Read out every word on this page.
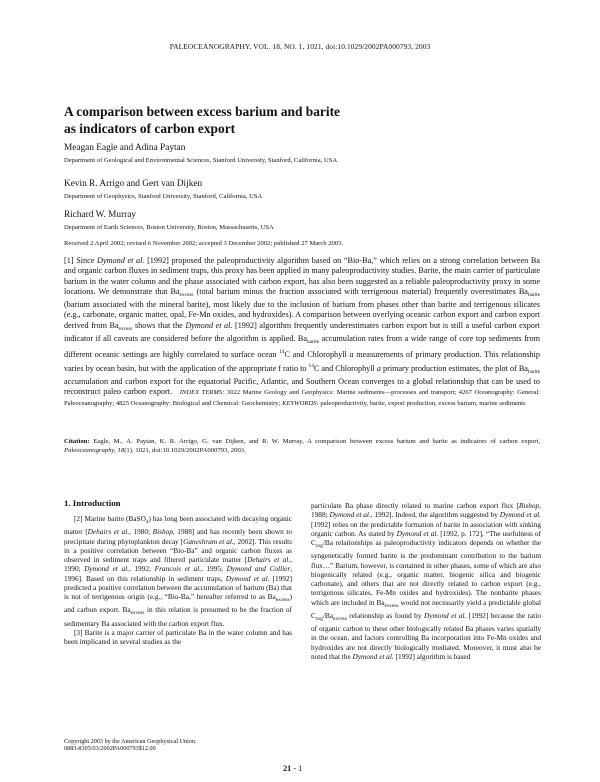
PALEOCEANOGRAPHY, VOL. 18, NO. 1, 1021, doi:10.1029/2002PA000793, 2003
A comparison between excess barium and barite
as indicators of carbon export
Meagan Eagle and Adina Paytan
Department of Geological and Environmental Sciences, Stanford University, Stanford, California, USA
Kevin R. Arrigo and Gert van Dijken
Department of Geophysics, Stanford University, Stanford, California, USA
Richard W. Murray
Department of Earth Sciences, Boston University, Boston, Massachusetts, USA
Received 2 April 2002; revised 6 November 2002; accepted 3 December 2002; published 27 March 2003.

[1] Since Dymond et al. [1992] proposed the paleoproductivity algorithm based on “Bio-Ba,” which relies on a strong correlation between Ba and organic carbon fluxes in sediment traps, this proxy has been applied in many paleoproductivity studies. Barite, the main carrier of particulate barium in the water column and the phase associated with carbon export, has also been suggested as a reliable paleoproductivity proxy in some locations. We demonstrate that $Ba_{excess}$ (total barium minus the fraction associated with terrigenous material) frequently overestimates $Ba_{barite}$ (barium associated with the mineral barite), most likely due to the inclusion of barium from phases other than barite and terrigenous silicates (e.g., carbonate, organic matter, opal, Fe-Mn oxides, and hydroxides). A comparison between overlying oceanic carbon export and carbon export derived from $Ba_{excess}$ shows that the Dymond et al. [1992] algorithm frequently underestimates carbon export but is still a useful carbon export indicator if all caveats are considered before the algorithm is applied. $Ba_{barite}$ accumulation rates from a wide range of core top sediments from different oceanic settings are highly correlated to surface ocean $^{14}$C and Chlorophyll a measurements of primary production. This relationship varies by ocean basin, but with the application of the appropriate f ratio to $^{14}$C and Chlorophyll a primary production estimates, the plot of $Ba_{barite}$ accumulation and carbon export for the equatorial Pacific, Atlantic, and Southern Ocean converges to a global relationship that can be used to reconstruct paleo carbon export. INDEX TERMS: 3022 Marine Geology and Geophysics: Marine sediments—processes and transport; 4267 Oceanography: General: Paleoceanography; 4825 Oceanography: Biological and Chemical: Geochemistry; KEYWORDS: paleoproductivity, barite, export production, excess barium, marine sediments

Citation: Eagle, M., A. Paytan, K. R. Arrigo, G. van Dijken, and R. W. Murray, A comparison between excess barium and barite as indicators of carbon export, Paleoceanography, 18(1), 1021, doi:10.1029/2002PA000793, 2003.
1. Introduction

[2] Marine barite (BaSO$_4$) has long been associated with decaying organic matter [Dehairs et al., 1980; Bishop, 1988] and has recently been shown to precipitate during phytoplankton decay [Ganeshram et al., 2002]. This results in a positive correlation between “Bio-Ba” and organic carbon fluxes as observed in sediment traps and filtered particulate matter [Dehairs et al., 1990; Dymond et al., 1992; Francois et al., 1995; Dymond and Collier, 1996]. Based on this relationship in sediment traps, Dymond et al. [1992] predicted a positive correlation between the accumulation of barium (Ba) that is not of terrigenous origin (e.g., “Bio-Ba,” hereafter referred to as $Ba_{excess}$) and carbon export. $Ba_{excess}$ in this relation is presumed to be the fraction of sedimentary Ba associated with the carbon export flux.

[3] Barite is a major carrier of particulate Ba in the water column and has been implicated in several studies as the

particulate Ba phase directly related to marine carbon export flux [Bishop, 1988; Dymond et al., 1992]. Indeed, the algorithm suggested by Dymond et al. [1992] relies on the predictable formation of barite in association with sinking organic carbon. As stated by Dymond et al. [1992, p. 172], “The usefulness of $C_{org}/Ba$ relationships as paleoproductivity indicators depends on whether the syngenetically formed barite is the predominant contribution to the barium flux…” Barium, however, is contained in other phases, some of which are also biogenically related (e.g., organic matter, biogenic silica and biogenic carbonate), and others that are not directly related to carbon export (e.g., terrigenous silicates, Fe-Mn oxides and hydroxides). The nonbarite phases which are included in $Ba_{excess}$ would not necessarily yield a predictable global $C_{org}/Ba_{excess}$ relationship as found by Dymond et al. [1992] because the ratio of organic carbon to these other biologically related Ba phases varies spatially in the ocean, and factors controlling Ba incorporation into Fe-Mn oxides and hydroxides are not directly biologically mediated. Moreover, it must also be noted that the Dymond et al. [1992] algorithm is based

Copyright 2003 by the American Geophysical Union.
0883-8305/03/2002PA000793$12.00
21 - 1
